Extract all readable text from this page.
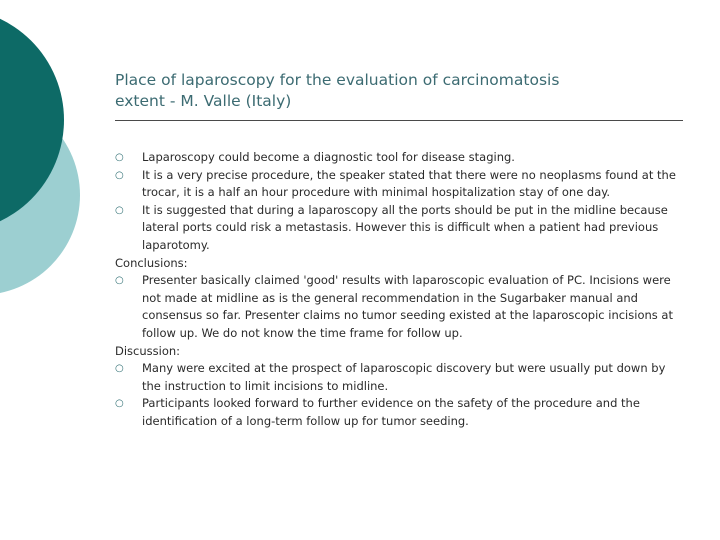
Place of laparoscopy for the evaluation of carcinomatosis
extent - M. Valle (Italy)
○	Laparoscopy could become a diagnostic tool for disease staging.
○	It is a very precise procedure, the speaker stated that there were no neoplasms found at the trocar, it is a half an hour procedure with minimal hospitalization stay of one day.
○	It is suggested that during a laparoscopy all the ports should be put in the midline because lateral ports could risk a metastasis. However this is difficult when a patient had previous laparotomy.
Conclusions:
○	Presenter basically claimed 'good' results with laparoscopic evaluation of PC. Incisions were not made at midline as is the general recommendation in the Sugarbaker manual and consensus so far. Presenter claims no tumor seeding existed at the laparoscopic incisions at follow up. We do not know the time frame for follow up.
Discussion:
○	Many were excited at the prospect of laparoscopic discovery but were usually put down by the instruction to limit incisions to midline.
○	Participants looked forward to further evidence on the safety of the procedure and the identification of a long-term follow up for tumor seeding.
